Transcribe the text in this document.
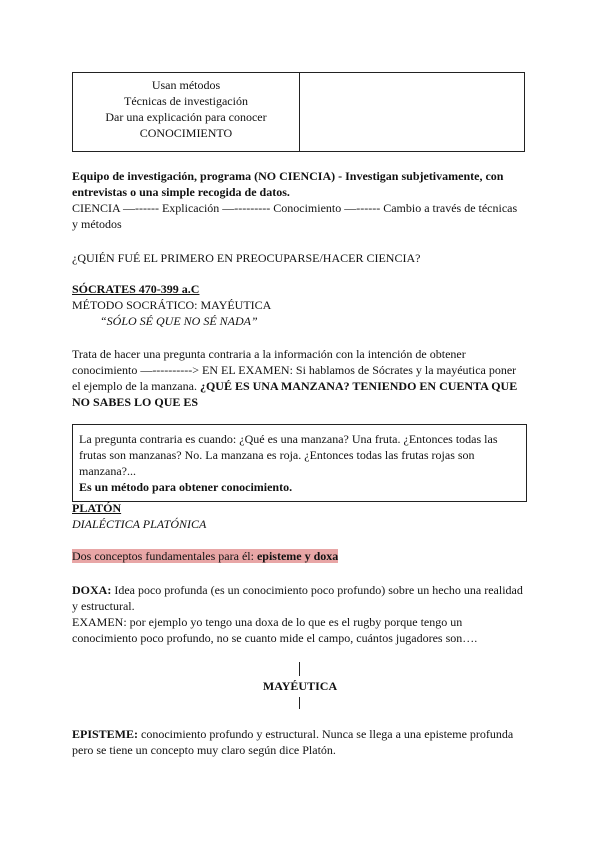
Usan métodos
Técnicas de investigación
Dar una explicación para conocer
CONOCIMIENTO
Equipo de investigación, programa (NO CIENCIA) - Investigan subjetivamente, con
entrevistas o una simple recogida de datos.
CIENCIA —------ Explicación —--------- Conocimiento —------ Cambio a través de técnicas
y métodos
¿QUIÉN FUÉ EL PRIMERO EN PREOCUPARSE/HACER CIENCIA?
SÓCRATES 470-399 a.C
MÉTODO SOCRÁTICO: MAYÉUTICA
“SÓLO SÉ QUE NO SÉ NADA”
Trata de hacer una pregunta contraria a la información con la intención de obtener
conocimiento —----------> EN EL EXAMEN: Si hablamos de Sócrates y la mayéutica poner
el ejemplo de la manzana. ¿QUÉ ES UNA MANZANA? TENIENDO EN CUENTA QUE
NO SABES LO QUE ES
La pregunta contraria es cuando: ¿Qué es una manzana? Una fruta. ¿Entonces todas las
frutas son manzanas? No. La manzana es roja. ¿Entonces todas las frutas rojas son
manzana?...
Es un método para obtener conocimiento.
PLATÓN
DIALÉCTICA PLATÓNICA
Dos conceptos fundamentales para él: episteme y doxa
DOXA: Idea poco profunda (es un conocimiento poco profundo) sobre un hecho una realidad
y estructural.
EXAMEN: por ejemplo yo tengo una doxa de lo que es el rugby porque tengo un
conocimiento poco profundo, no se cuanto mide el campo, cuántos jugadores son….
MAYÉUTICA
EPISTEME: conocimiento profundo y estructural. Nunca se llega a una episteme profunda
pero se tiene un concepto muy claro según dice Platón.
